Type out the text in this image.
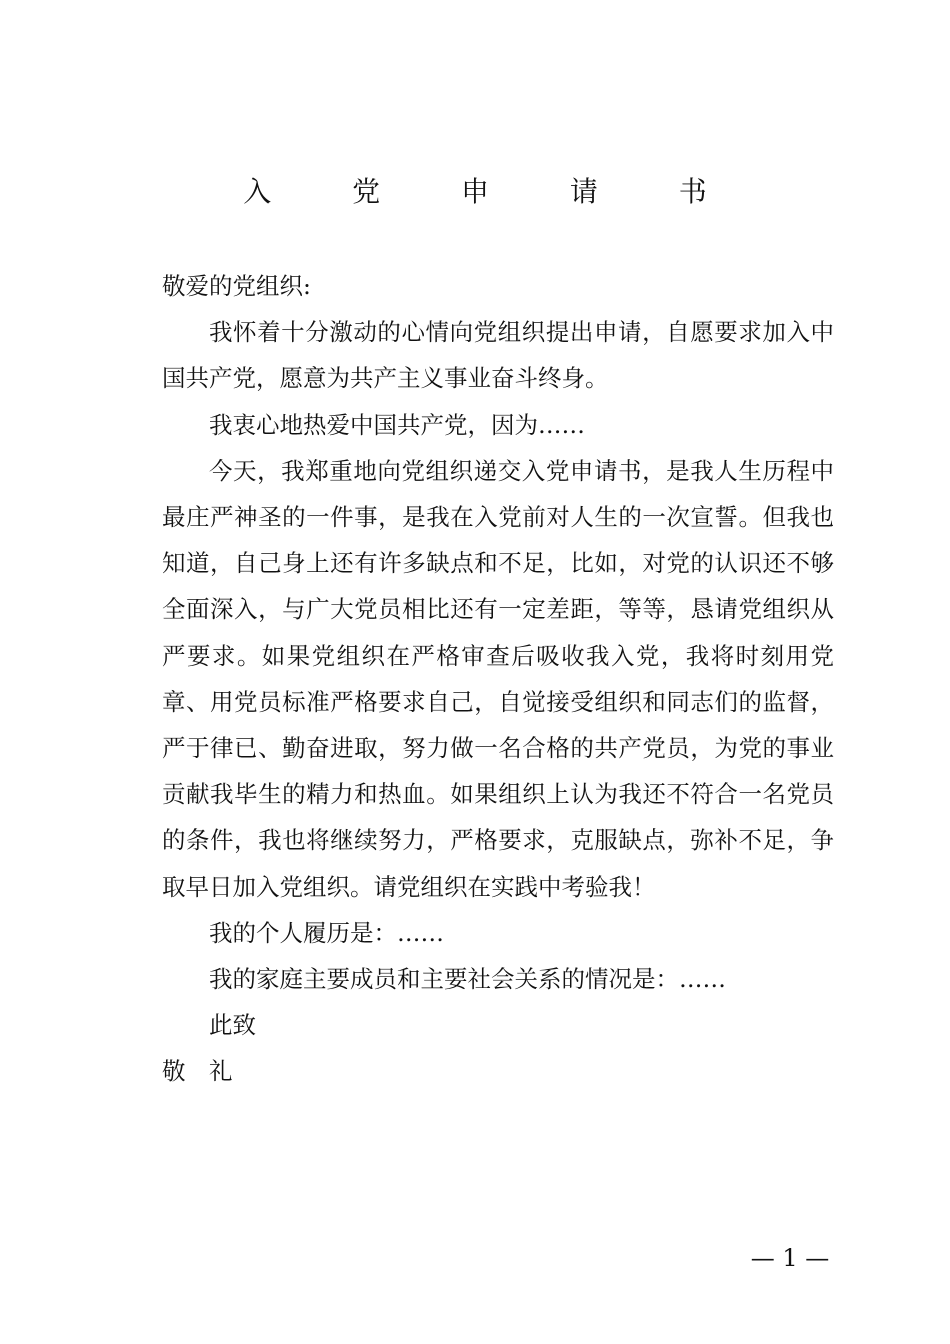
入 党 申 请 书

敬爱的党组织:

我怀着十分激动的心情向党组织提出申请，自愿要求加入中国共产党，愿意为共产主义事业奋斗终身。

我衷心地热爱中国共产党，因为……

今天，我郑重地向党组织递交入党申请书，是我人生历程中最庄严神圣的一件事，是我在入党前对人生的一次宣誓。但我也知道，自己身上还有许多缺点和不足，比如，对党的认识还不够全面深入，与广大党员相比还有一定差距，等等，恳请党组织从严要求。如果党组织在严格审查后吸收我入党，我将时刻用党章、用党员标准严格要求自己，自觉接受组织和同志们的监督，严于律已、勤奋进取，努力做一名合格的共产党员，为党的事业贡献我毕生的精力和热血。如果组织上认为我还不符合一名党员的条件，我也将继续努力，严格要求，克服缺点，弥补不足，争取早日加入党组织。请党组织在实践中考验我！

我的个人履历是：……

我的家庭主要成员和主要社会关系的情况是：……

此致

敬 礼

— 1 —
